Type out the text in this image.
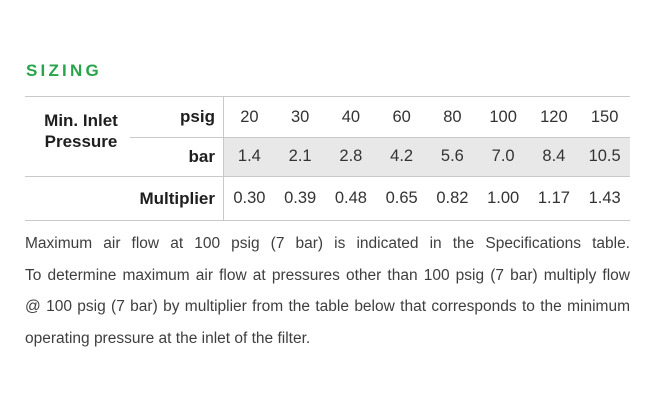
SIZING
Min. Inlet Pressure
psig	20	30	40	60	80	100	120	150
bar	1.4	2.1	2.8	4.2	5.6	7.0	8.4	10.5
Multiplier	0.30	0.39	0.48	0.65	0.82	1.00	1.17	1.43
Maximum air flow at 100 psig (7 bar) is indicated in the Specifications table.
To determine maximum air flow at pressures other than 100 psig (7 bar) multiply flow
@ 100 psig (7 bar) by multiplier from the table below that corresponds to the minimum
operating pressure at the inlet of the filter.
